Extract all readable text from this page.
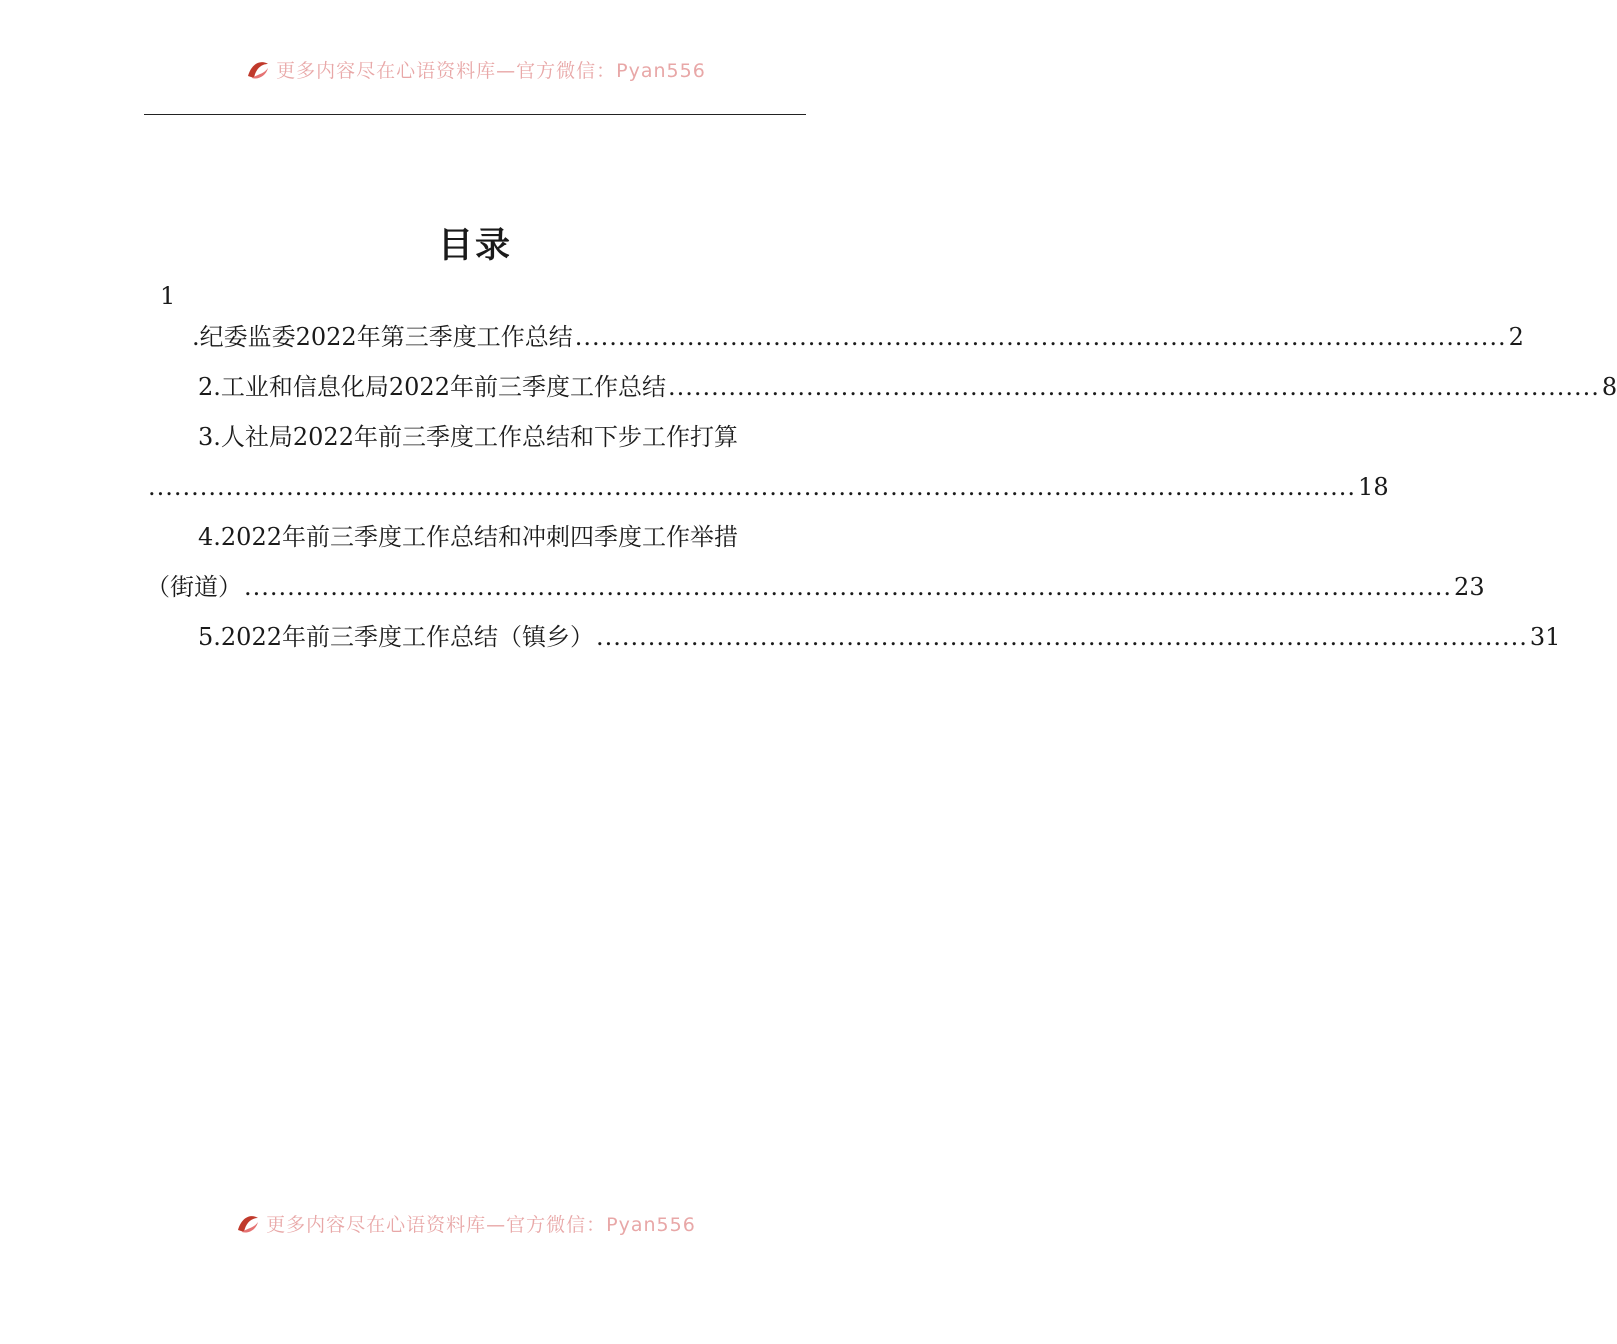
更多内容尽在心语资料库—官方微信：Pyan556
目录
1
.纪委监委2022年第三季度工作总结 ............................................................................................................ 2
2.工业和信息化局2022年前三季度工作总结 ............................................................................................................ 8
3.人社局2022年前三季度工作总结和下步工作打算
............................................................................................................................................ 18
4.2022年前三季度工作总结和冲刺四季度工作举措
（街道） ............................................................................................................................................ 23
5.2022年前三季度工作总结（镇乡） ............................................................................................................ 31
更多内容尽在心语资料库—官方微信：Pyan556
